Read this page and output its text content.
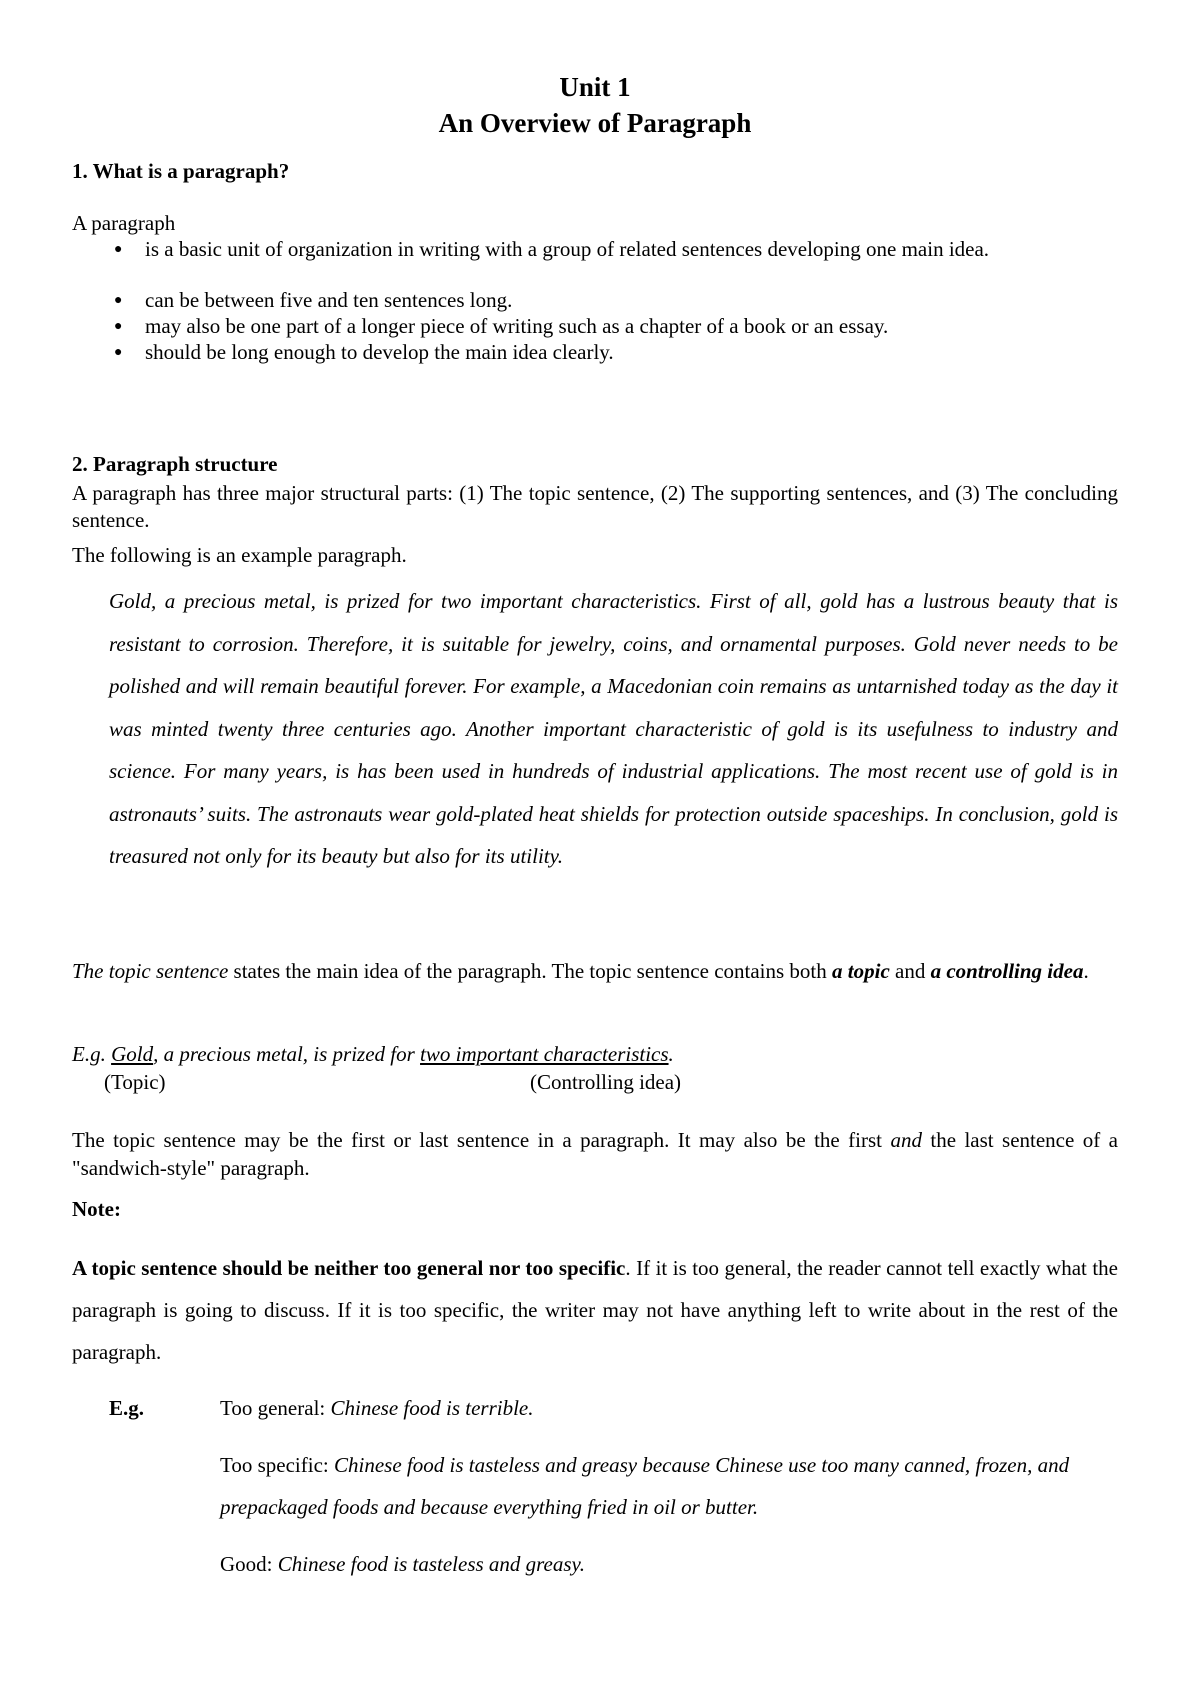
Unit 1
An Overview of Paragraph
1. What is a paragraph?
A paragraph
● is a basic unit of organization in writing with a group of related sentences developing one main idea.
● can be between five and ten sentences long.
● may also be one part of a longer piece of writing such as a chapter of a book or an essay.
● should be long enough to develop the main idea clearly.
2. Paragraph structure
A paragraph has three major structural parts: (1) The topic sentence, (2) The supporting sentences, and (3) The concluding sentence.
The following is an example paragraph.
Gold, a precious metal, is prized for two important characteristics. First of all, gold has a lustrous beauty that is resistant to corrosion. Therefore, it is suitable for jewelry, coins, and ornamental purposes. Gold never needs to be polished and will remain beautiful forever. For example, a Macedonian coin remains as untarnished today as the day it was minted twenty three centuries ago. Another important characteristic of gold is its usefulness to industry and science. For many years, is has been used in hundreds of industrial applications. The most recent use of gold is in astronauts’ suits. The astronauts wear gold-plated heat shields for protection outside spaceships. In conclusion, gold is treasured not only for its beauty but also for its utility.
The topic sentence states the main idea of the paragraph. The topic sentence contains both a topic and a controlling idea.
E.g. Gold, a precious metal, is prized for two important characteristics.
(Topic)	(Controlling idea)
The topic sentence may be the first or last sentence in a paragraph. It may also be the first and the last sentence of a "sandwich-style" paragraph.
Note:
A topic sentence should be neither too general nor too specific. If it is too general, the reader cannot tell exactly what the paragraph is going to discuss. If it is too specific, the writer may not have anything left to write about in the rest of the paragraph.
E.g.	Too general: Chinese food is terrible.
Too specific: Chinese food is tasteless and greasy because Chinese use too many canned, frozen, and prepackaged foods and because everything fried in oil or butter.
Good: Chinese food is tasteless and greasy.
